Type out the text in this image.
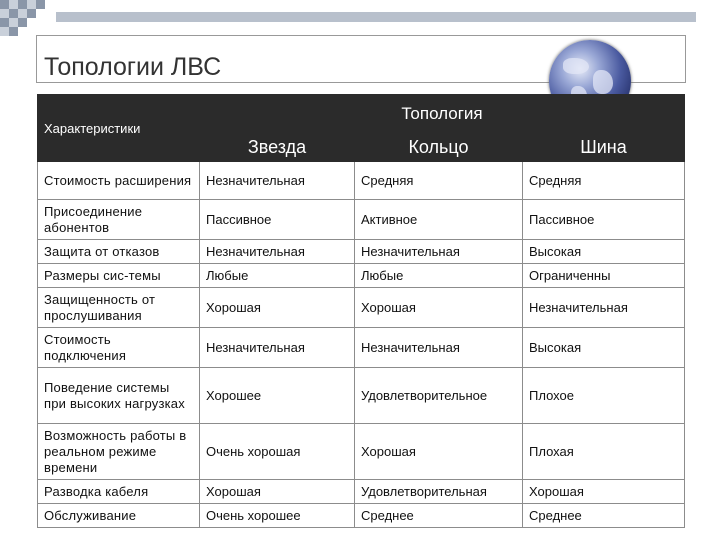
Топологии ЛВС
Характеристики	Топология		
	Звезда	Кольцо	Шина
Стоимость расширения	Незначительная	Средняя	Средняя
Присоединение абонентов	Пассивное	Активное	Пассивное
Защита от отказов	Незначительная	Незначительная	Высокая
Размеры сис-темы	Любые	Любые	Ограниченны
Защищенность от прослушивания	Хорошая	Хорошая	Незначительная
Стоимость подключения	Незначительная	Незначительная	Высокая
Поведение системы при высоких нагрузках	Хорошее	Удовлетворительное	Плохое
Возможность работы в реальном режиме времени	Очень хорошая	Хорошая	Плохая
Разводка кабеля	Хорошая	Удовлетворительная	Хорошая
Обслуживание	Очень хорошее	Среднее	Среднее
